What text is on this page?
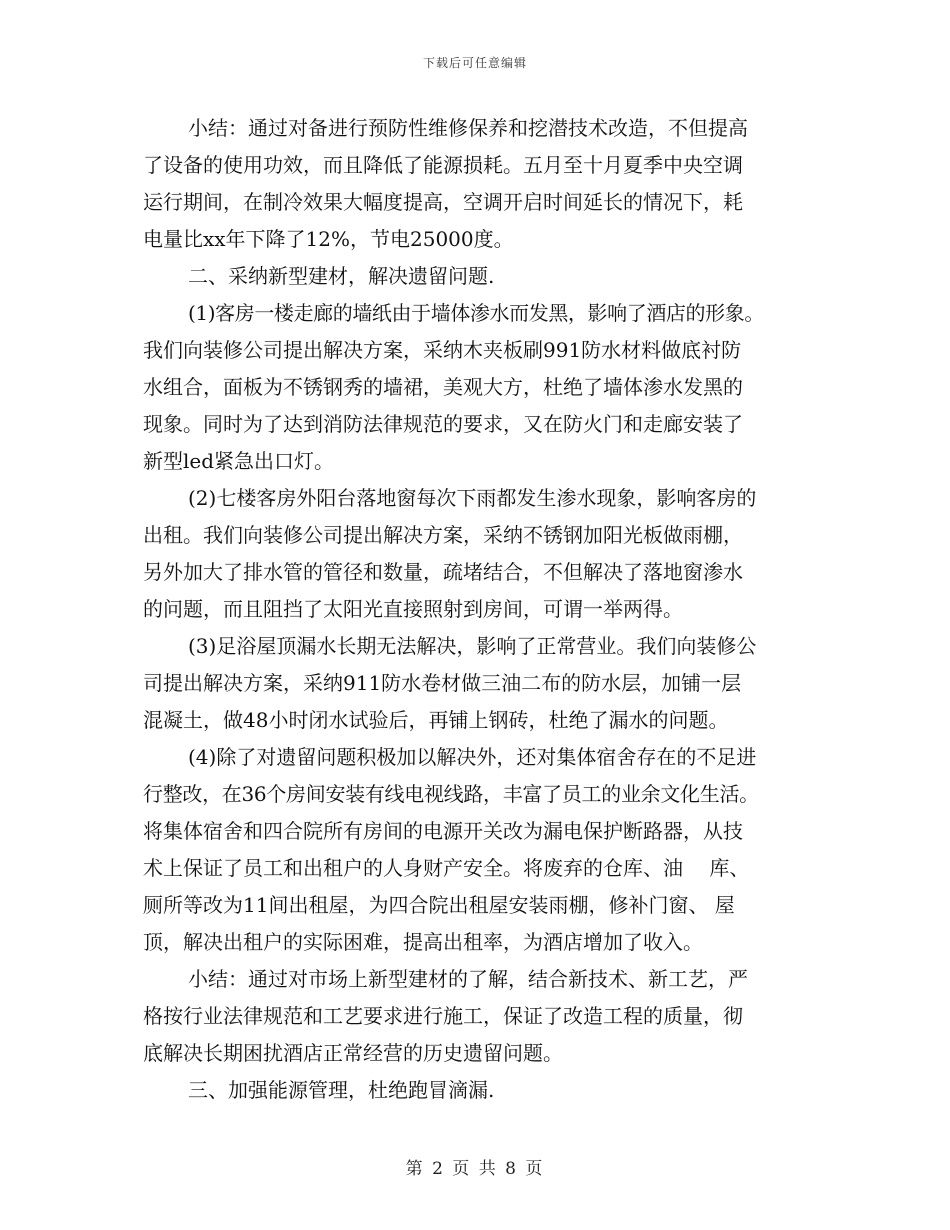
下载后可任意编辑
小结：通过对备进行预防性维修保养和挖潜技术改造，不但提高
了设备的使用功效，而且降低了能源损耗。五月至十月夏季中央空调
运行期间，在制冷效果大幅度提高，空调开启时间延长的情况下，耗
电量比xx年下降了12%，节电25000度。
二、采纳新型建材，解决遗留问题.
(1)客房一楼走廊的墙纸由于墙体渗水而发黑，影响了酒店的形象。
我们向装修公司提出解决方案，采纳木夹板刷991防水材料做底衬防
水组合，面板为不锈钢秀的墙裙，美观大方，杜绝了墙体渗水发黑的
现象。同时为了达到消防法律规范的要求，又在防火门和走廊安装了
新型led紧急出口灯。
(2)七楼客房外阳台落地窗每次下雨都发生渗水现象，影响客房的
出租。我们向装修公司提出解决方案，采纳不锈钢加阳光板做雨棚，
另外加大了排水管的管径和数量，疏堵结合，不但解决了落地窗渗水
的问题，而且阻挡了太阳光直接照射到房间，可谓一举两得。
(3)足浴屋顶漏水长期无法解决，影响了正常营业。我们向装修公
司提出解决方案，采纳911防水卷材做三油二布的防水层，加铺一层
混凝土，做48小时闭水试验后，再铺上钢砖，杜绝了漏水的问题。
(4)除了对遗留问题积极加以解决外，还对集体宿舍存在的不足进
行整改，在36个房间安装有线电视线路，丰富了员工的业余文化生活。
将集体宿舍和四合院所有房间的电源开关改为漏电保护断路器，从技
术上保证了员工和出租户的人身财产安全。将废弃的仓库、油　 库、
厕所等改为11间出租屋，为四合院出租屋安装雨棚，修补门窗、 屋
顶，解决出租户的实际困难，提高出租率，为酒店增加了收入。
小结：通过对市场上新型建材的了解，结合新技术、新工艺，严
格按行业法律规范和工艺要求进行施工，保证了改造工程的质量，彻
底解决长期困扰酒店正常经营的历史遗留问题。
三、加强能源管理，杜绝跑冒滴漏.
第 2 页 共 8 页
